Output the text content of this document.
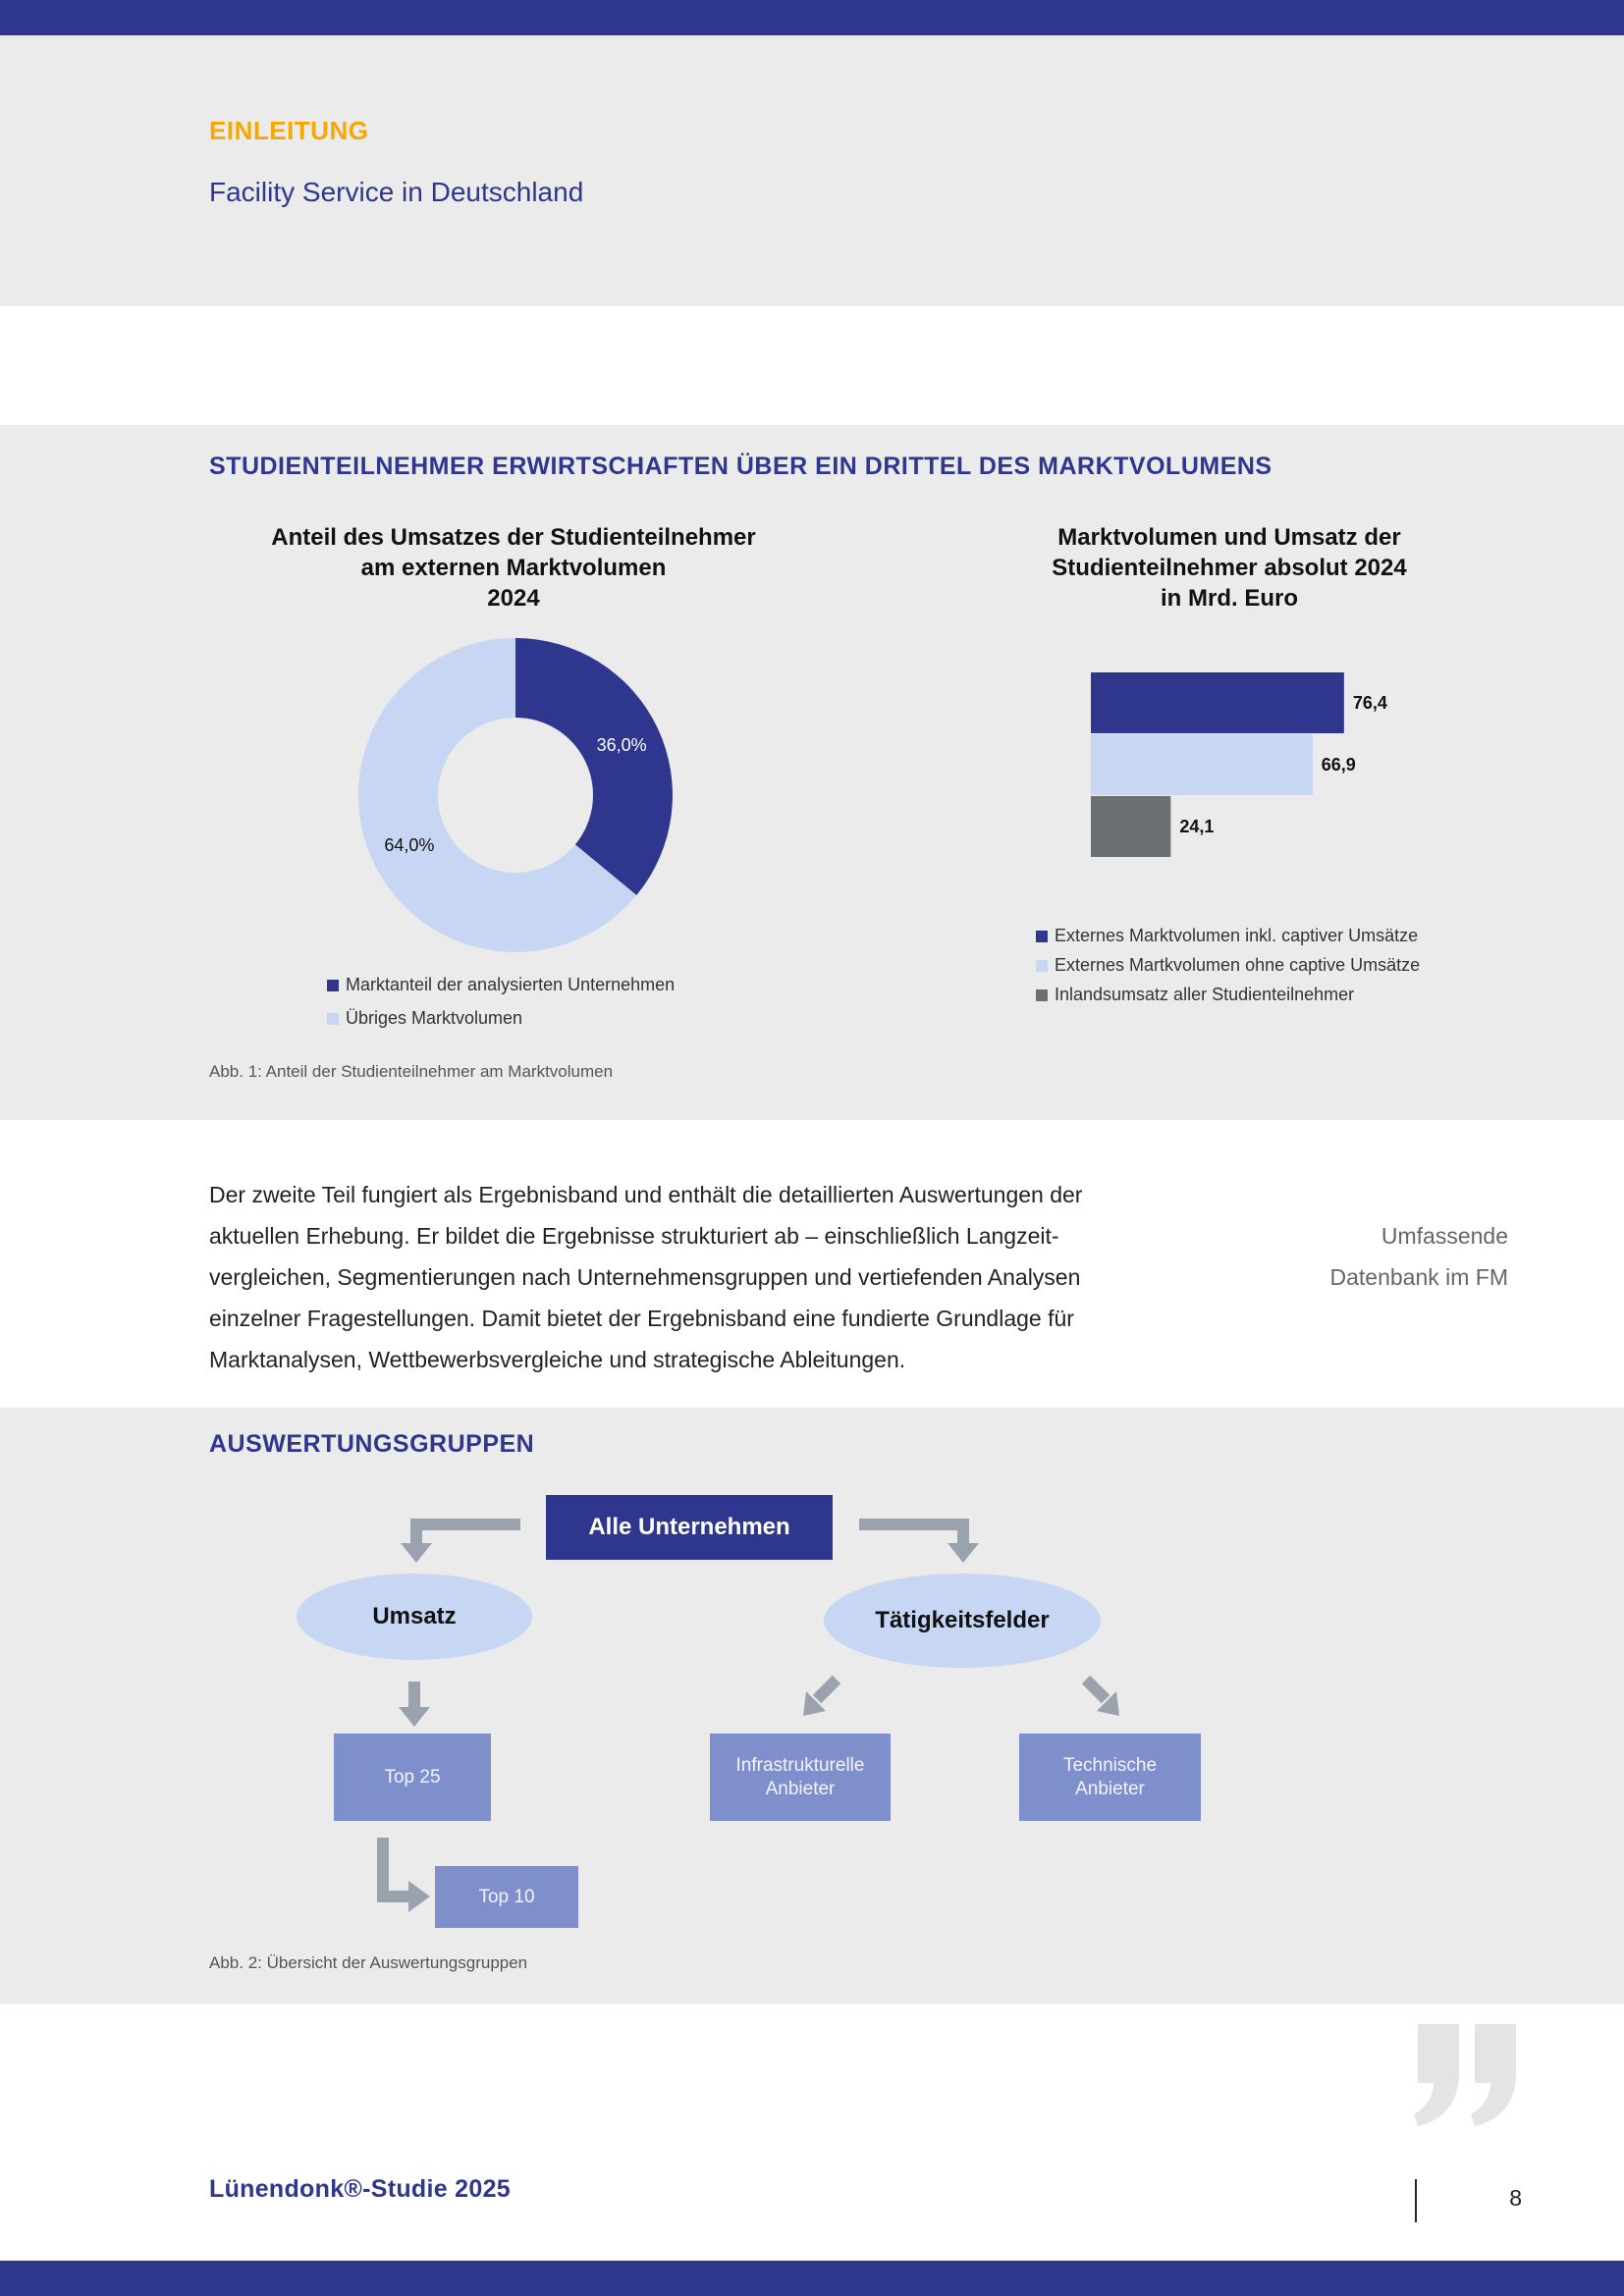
EINLEITUNG
Facility Service in Deutschland
STUDIENTEILNEHMER ERWIRTSCHAFTEN ÜBER EIN DRITTEL DES MARKTVOLUMENS
Anteil des Umsatzes der Studienteilnehmer
am externen Marktvolumen
2024
36,0%
64,0%
Marktanteil der analysierten Unternehmen
Übriges Marktvolumen
Marktvolumen und Umsatz der
Studienteilnehmer absolut 2024
in Mrd. Euro
76,4
66,9
24,1
Externes Marktvolumen inkl. captiver Umsätze
Externes Martkvolumen ohne captive Umsätze
Inlandsumsatz aller Studienteilnehmer
Abb. 1: Anteil der Studienteilnehmer am Marktvolumen
Der zweite Teil fungiert als Ergebnisband und enthält die detaillierten Auswertungen der
aktuellen Erhebung. Er bildet die Ergebnisse strukturiert ab – einschließlich Langzeit-
vergleichen, Segmentierungen nach Unternehmensgruppen und vertiefenden Analysen
einzelner Fragestellungen. Damit bietet der Ergebnisband eine fundierte Grundlage für
Marktanalysen, Wettbewerbsvergleiche und strategische Ableitungen.
Umfassende
Datenbank im FM
AUSWERTUNGSGRUPPEN
Alle Unternehmen
Umsatz	Tätigkeitsfelder
Top 25
Top 10
Infrastrukturelle
Anbieter
Technische
Anbieter
Abb. 2: Übersicht der Auswertungsgruppen
Lünendonk®-Studie 2025	8
